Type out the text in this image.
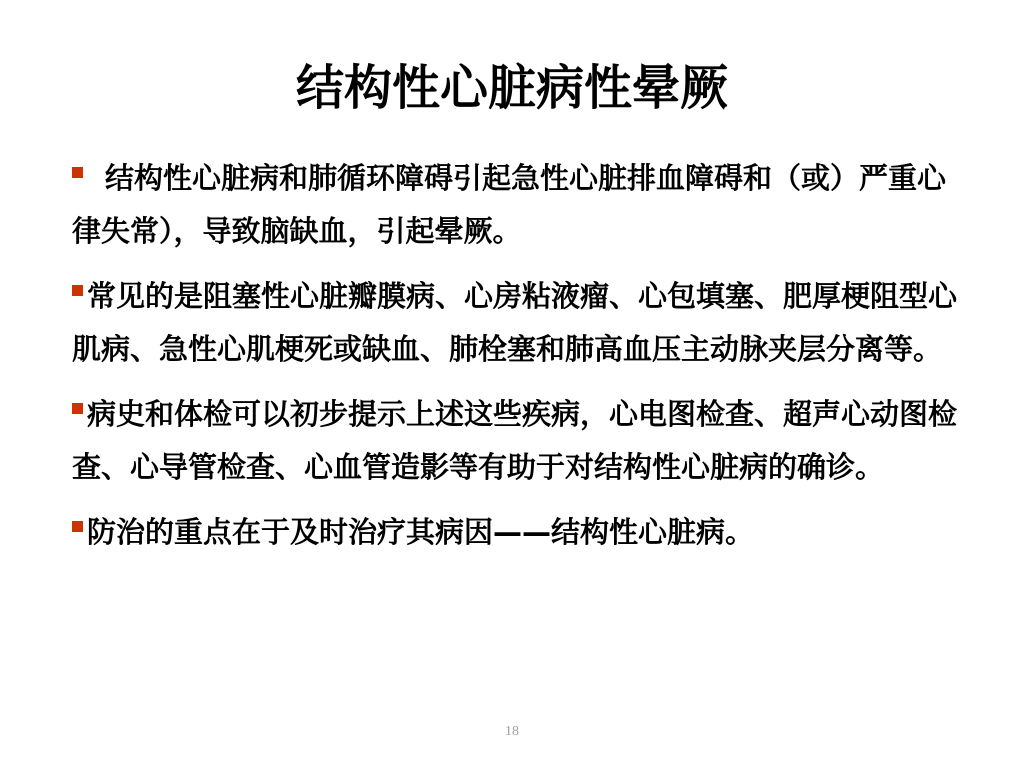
结构性心脏病性晕厥

结构性心脏病和肺循环障碍引起急性心脏排血障碍和（或）严重心律失常），导致脑缺血，引起晕厥。

常见的是阻塞性心脏瓣膜病、心房粘液瘤、心包填塞、肥厚梗阻型心肌病、急性心肌梗死或缺血、肺栓塞和肺高血压主动脉夹层分离等。

病史和体检可以初步提示上述这些疾病，心电图检查、超声心动图检查、心导管检查、心血管造影等有助于对结构性心脏病的确诊。

防治的重点在于及时治疗其病因——结构性心脏病。

18
